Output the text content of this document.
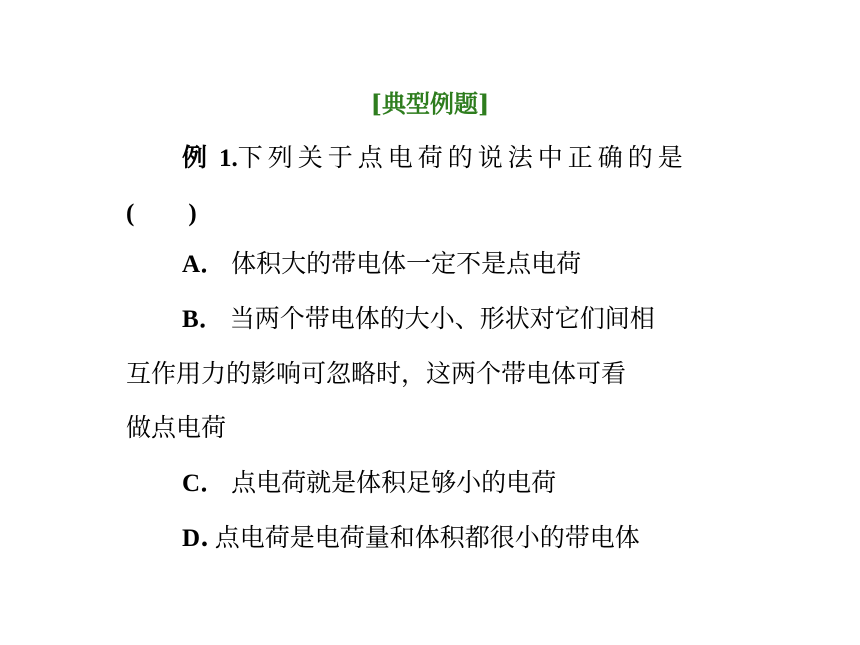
[典型例题]
例 1.下列关于点电荷的说法中正确的是
( )
A． 体积大的带电体一定不是点电荷
B． 当两个带电体的大小、形状对它们间相
互作用力的影响可忽略时，这两个带电体可看
做点电荷
C． 点电荷就是体积足够小的电荷
D. 点电荷是电荷量和体积都很小的带电体
